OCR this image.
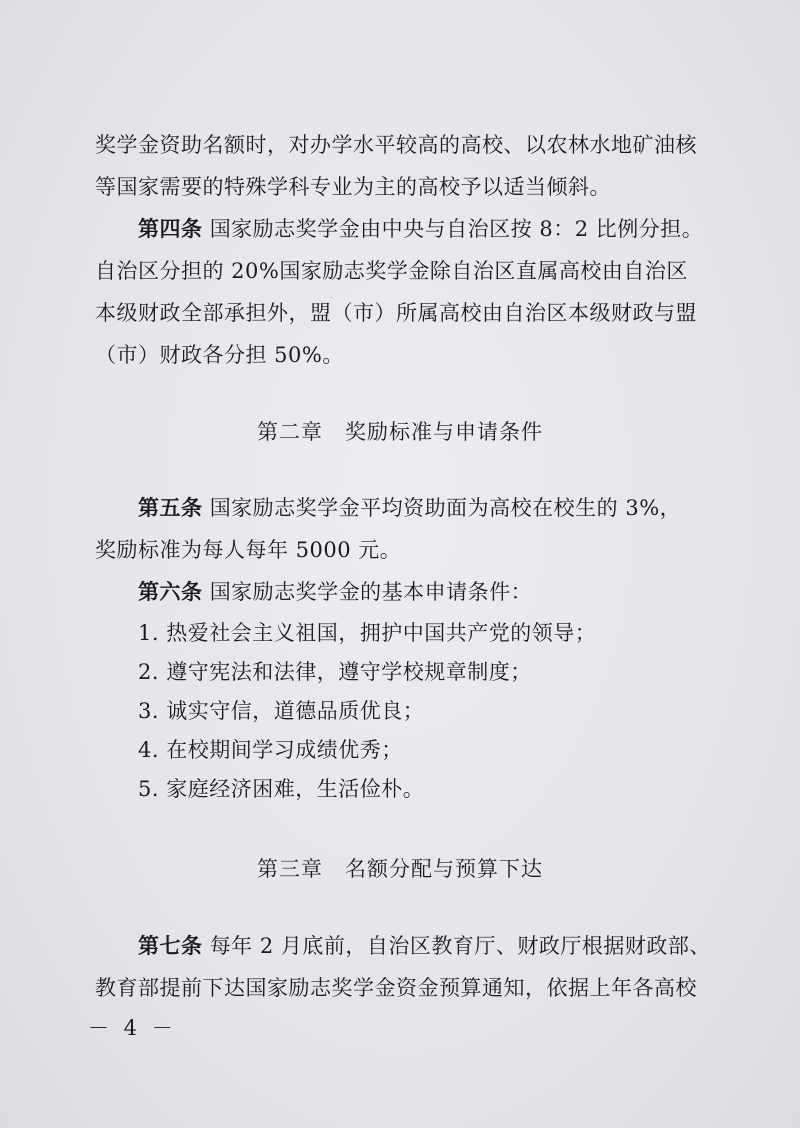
奖学金资助名额时，对办学水平较高的高校、以农林水地矿油核
等国家需要的特殊学科专业为主的高校予以适当倾斜。
第四条 国家励志奖学金由中央与自治区按 8：2 比例分担。
自治区分担的 20%国家励志奖学金除自治区直属高校由自治区
本级财政全部承担外，盟（市）所属高校由自治区本级财政与盟
（市）财政各分担 50%。
第二章　奖励标准与申请条件
第五条 国家励志奖学金平均资助面为高校在校生的 3%，
奖励标准为每人每年 5000 元。
第六条 国家励志奖学金的基本申请条件：
1. 热爱社会主义祖国，拥护中国共产党的领导；
2. 遵守宪法和法律，遵守学校规章制度；
3. 诚实守信，道德品质优良；
4. 在校期间学习成绩优秀；
5. 家庭经济困难，生活俭朴。
第三章　名额分配与预算下达
第七条 每年 2 月底前，自治区教育厅、财政厅根据财政部、
教育部提前下达国家励志奖学金资金预算通知，依据上年各高校
－ 4 －
